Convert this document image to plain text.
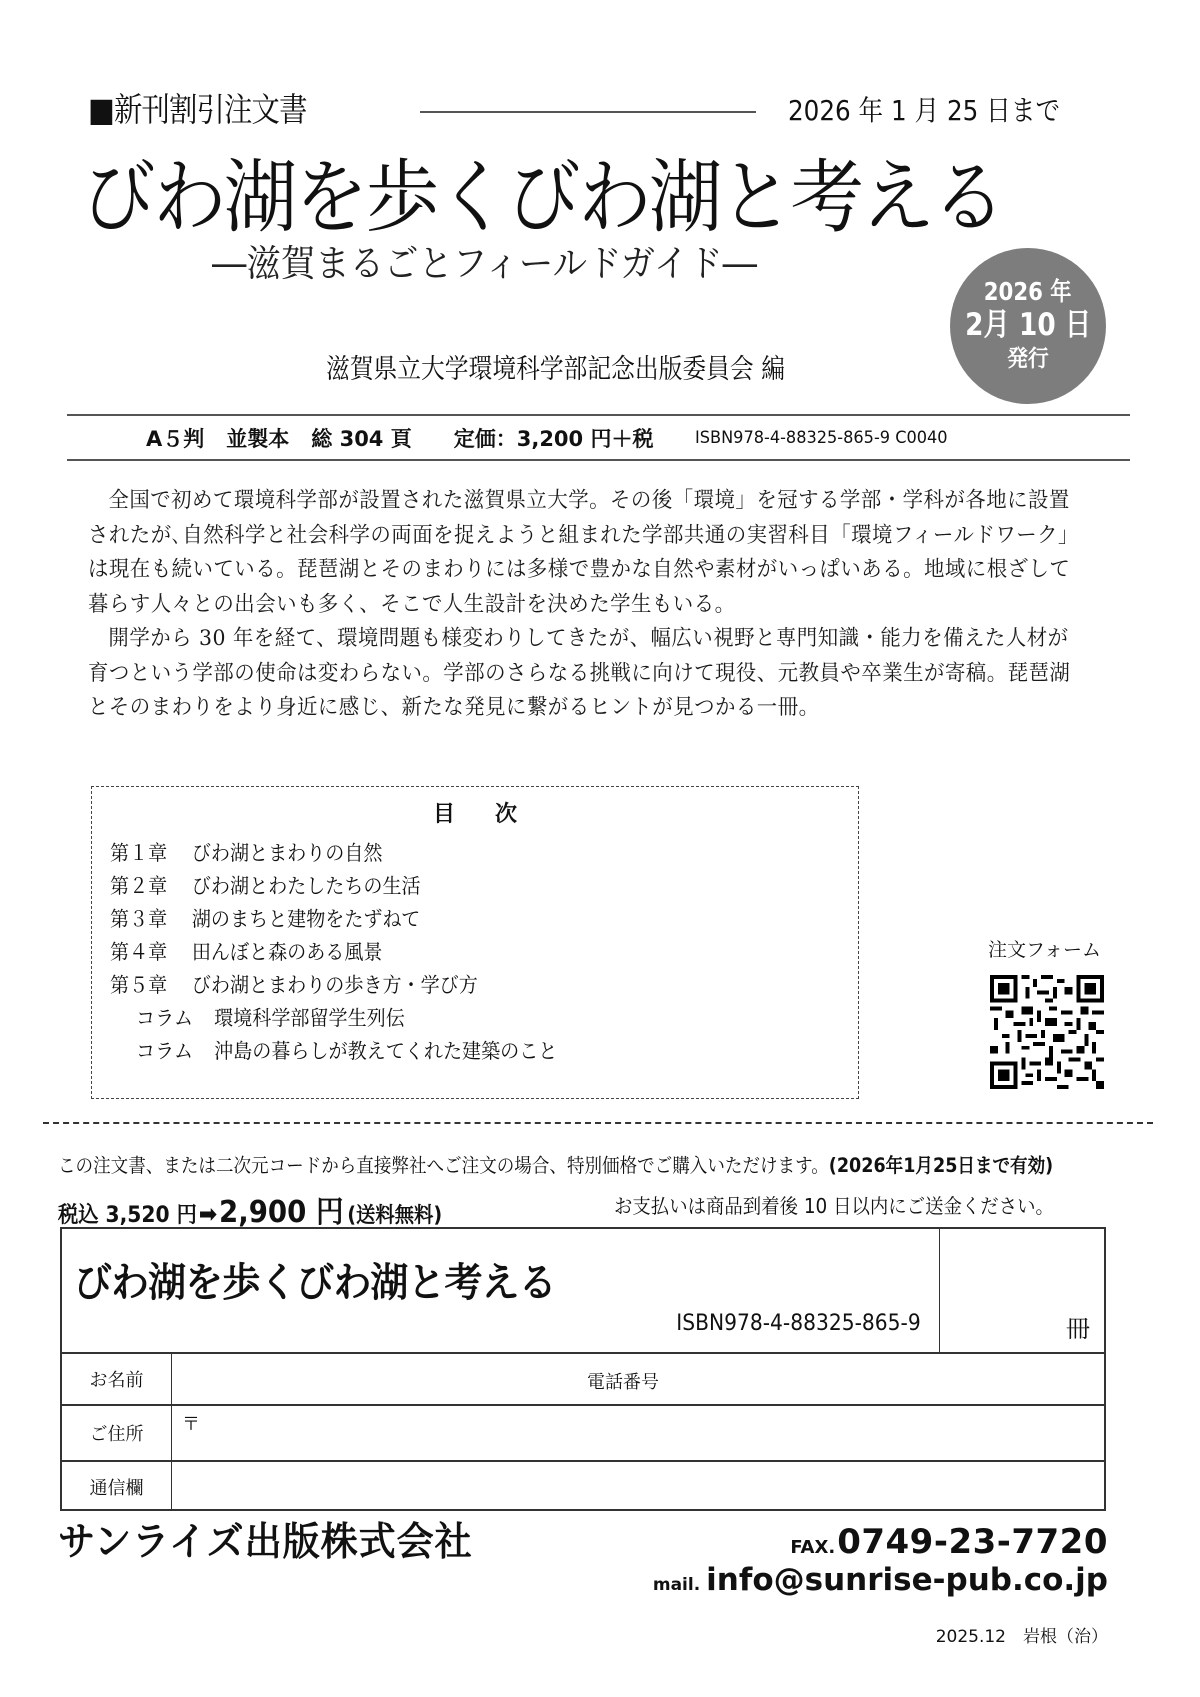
■新刊割引注文書	2026 年 1 月 25 日まで
びわ湖を歩くびわ湖と考える
―滋賀まるごとフィールドガイド―
滋賀県立大学環境科学部記念出版委員会 編
2026 年
2月 10 日
発行
A５判 並製本 総 304 頁 定価：3,200 円＋税 ISBN978-4-88325-865-9 C0040

全国で初めて環境科学部が設置された滋賀県立大学。その後「環境」を冠する学部・学科が各地に設置されたが､自然科学と社会科学の両面を捉えようと組まれた学部共通の実習科目「環境フィールドワーク」は現在も続いている。琵琶湖とそのまわりには多様で豊かな自然や素材がいっぱいある。地域に根ざして暮らす人々との出会いも多く、そこで人生設計を決めた学生もいる。

開学から 30 年を経て、環境問題も様変わりしてきたが、幅広い視野と専門知識・能力を備えた人材が育つという学部の使命は変わらない。学部のさらなる挑戦に向けて現役、元教員や卒業生が寄稿。琵琶湖とそのまわりをより身近に感じ、新たな発見に繋がるヒントが見つかる一冊。

目次
第１章	びわ湖とまわりの自然
第２章	びわ湖とわたしたちの生活
第３章	湖のまちと建物をたずねて
第４章	田んぼと森のある風景
第５章	びわ湖とまわりの歩き方・学び方
コラム	環境科学部留学生列伝
コラム	沖島の暮らしが教えてくれた建築のこと
注文フォーム
この注文書、または二次元コードから直接弊社へご注文の場合、特別価格でご購入いただけます。(2026年1月25日まで有効)
税込 3,520 円 ➡ 2,900 円 (送料無料)	お支払いは商品到着後 10 日以内にご送金ください。
びわ湖を歩くびわ湖と考える
ISBN978-4-88325-865-9	冊
お名前	電話番号
ご住所	〒
通信欄
サンライズ出版株式会社	FAX. 0749-23-7720
mail. info@sunrise-pub.co.jp
2025.12　岩根（治）
